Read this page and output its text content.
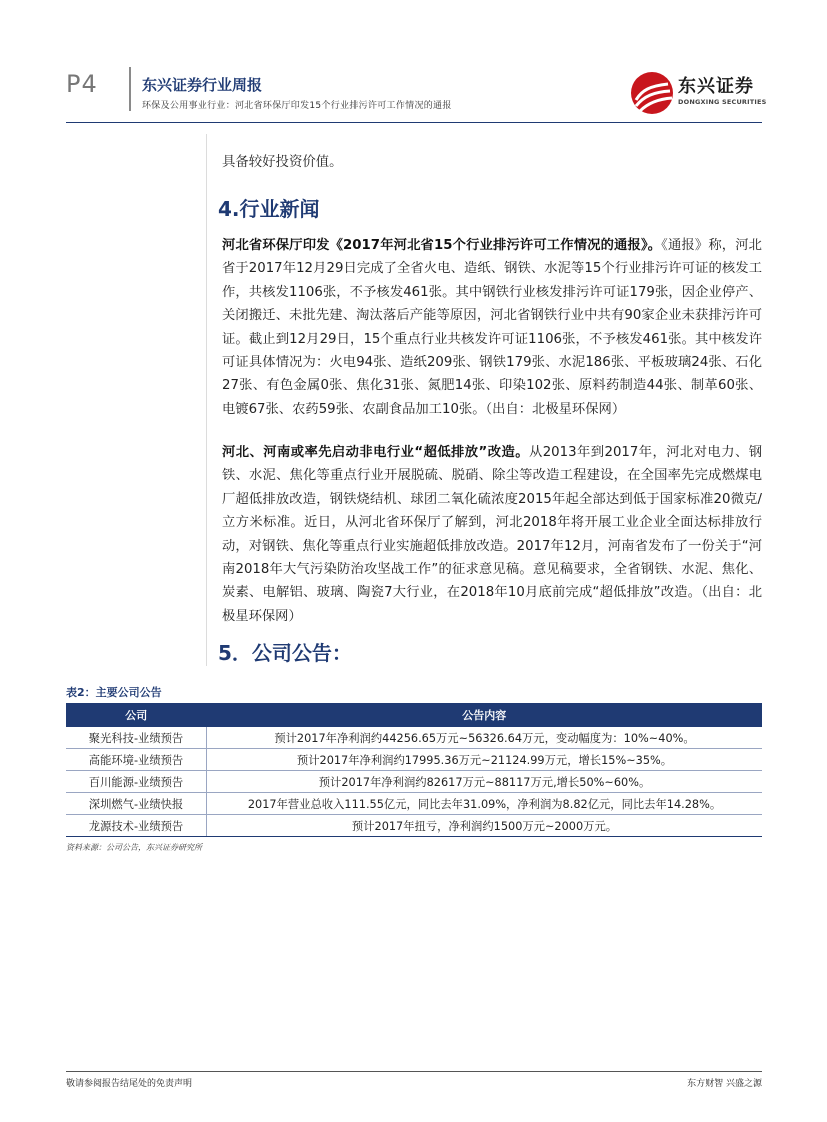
P4	东兴证券行业周报
环保及公用事业行业：河北省环保厅印发15个行业排污许可工作情况的通报
东兴证券
DONGXING SECURITIES
具备较好投资价值。
4.行业新闻
河北省环保厅印发《2017年河北省15个行业排污许可工作情况的通报》。《通报》称，河北省于2017年12月29日完成了全省火电、造纸、钢铁、水泥等15个行业排污许可证的核发工作，共核发1106张，不予核发461张。其中钢铁行业核发排污许可证179张，因企业停产、关闭搬迁、未批先建、淘汰落后产能等原因，河北省钢铁行业中共有90家企业未获排污许可证。截止到12月29日，15个重点行业共核发许可证1106张，不予核发461张。其中核发许可证具体情况为：火电94张、造纸209张、钢铁179张、水泥186张、平板玻璃24张、石化27张、有色金属0张、焦化31张、氮肥14张、印染102张、原料药制造44张、制革60张、电镀67张、农药59张、农副食品加工10张。（出自：北极星环保网）
河北、河南或率先启动非电行业“超低排放”改造。从2013年到2017年，河北对电力、钢铁、水泥、焦化等重点行业开展脱硫、脱硝、除尘等改造工程建设，在全国率先完成燃煤电厂超低排放改造，钢铁烧结机、球团二氧化硫浓度2015年起全部达到低于国家标准20微克/立方米标准。近日，从河北省环保厅了解到，河北2018年将开展工业企业全面达标排放行动，对钢铁、焦化等重点行业实施超低排放改造。2017年12月，河南省发布了一份关于“河南2018年大气污染防治攻坚战工作”的征求意见稿。意见稿要求，全省钢铁、水泥、焦化、炭素、电解铝、玻璃、陶瓷7大行业，在2018年10月底前完成“超低排放”改造。（出自：北极星环保网）
5．公司公告：
表2：主要公司公告
公司	公告内容
聚光科技-业绩预告	预计2017年净利润约44256.65万元~56326.64万元，变动幅度为：10%~40%。
高能环境-业绩预告	预计2017年净利润约17995.36万元~21124.99万元，增长15%~35%。
百川能源-业绩预告	预计2017年净利润约82617万元~88117万元,增长50%~60%。
深圳燃气-业绩快报	2017年营业总收入111.55亿元，同比去年31.09%，净利润为8.82亿元，同比去年14.28%。
龙源技术-业绩预告	预计2017年扭亏，净利润约1500万元~2000万元。
资料来源：公司公告，东兴证券研究所
敬请参阅报告结尾处的免责声明	东方财智 兴盛之源
